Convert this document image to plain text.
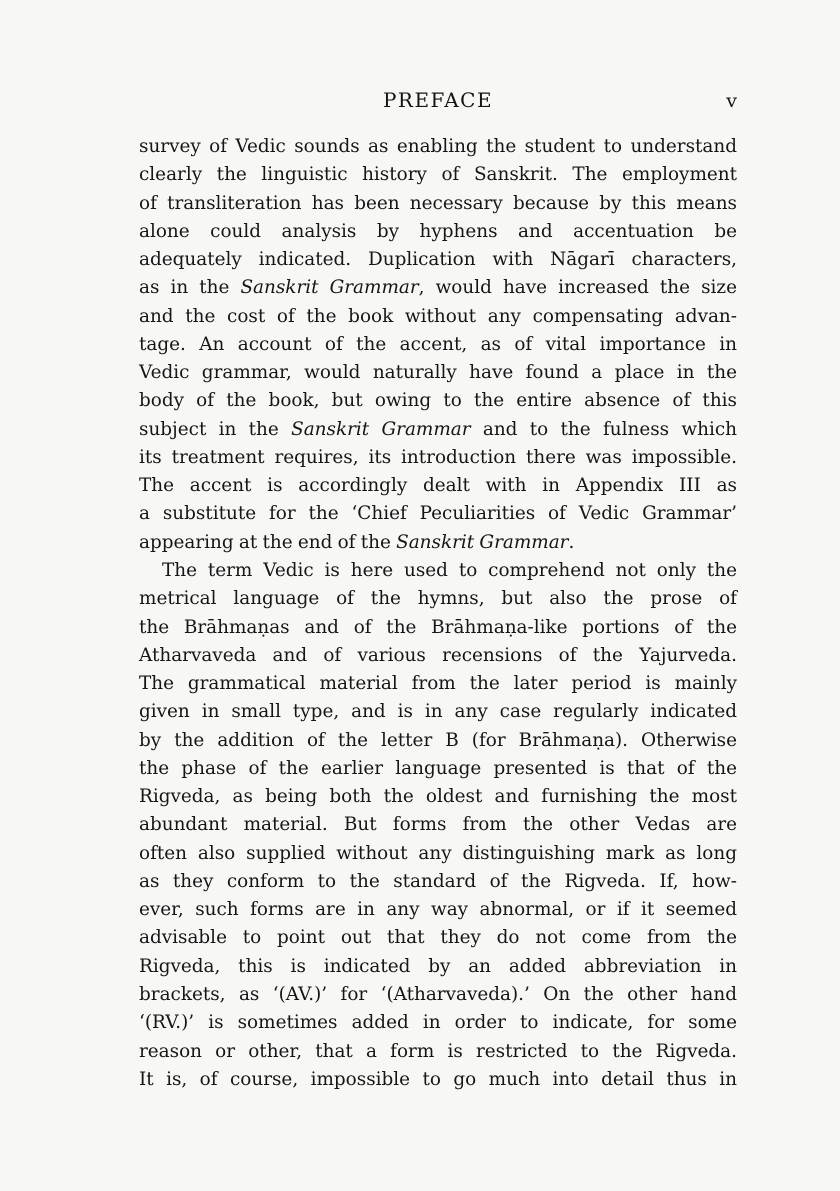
PREFACE	v
survey of Vedic sounds as enabling the student to understand
clearly the linguistic history of Sanskrit. The employment
of transliteration has been necessary because by this means
alone could analysis by hyphens and accentuation be
adequately indicated. Duplication with Nāgarī characters,
as in the Sanskrit Grammar, would have increased the size
and the cost of the book without any compensating advan-
tage. An account of the accent, as of vital importance in
Vedic grammar, would naturally have found a place in the
body of the book, but owing to the entire absence of this
subject in the Sanskrit Grammar and to the fulness which
its treatment requires, its introduction there was impossible.
The accent is accordingly dealt with in Appendix III as
a substitute for the ‘Chief Peculiarities of Vedic Grammar’
appearing at the end of the Sanskrit Grammar.
The term Vedic is here used to comprehend not only the
metrical language of the hymns, but also the prose of
the Brāhmaṇas and of the Brāhmaṇa-like portions of the
Atharvaveda and of various recensions of the Yajurveda.
The grammatical material from the later period is mainly
given in small type, and is in any case regularly indicated
by the addition of the letter B (for Brāhmaṇa). Otherwise
the phase of the earlier language presented is that of the
Rigveda, as being both the oldest and furnishing the most
abundant material. But forms from the other Vedas are
often also supplied without any distinguishing mark as long
as they conform to the standard of the Rigveda. If, how-
ever, such forms are in any way abnormal, or if it seemed
advisable to point out that they do not come from the
Rigveda, this is indicated by an added abbreviation in
brackets, as ‘(AV.)’ for ‘(Atharvaveda).’ On the other hand
‘(RV.)’ is sometimes added in order to indicate, for some
reason or other, that a form is restricted to the Rigveda.
It is, of course, impossible to go much into detail thus in
